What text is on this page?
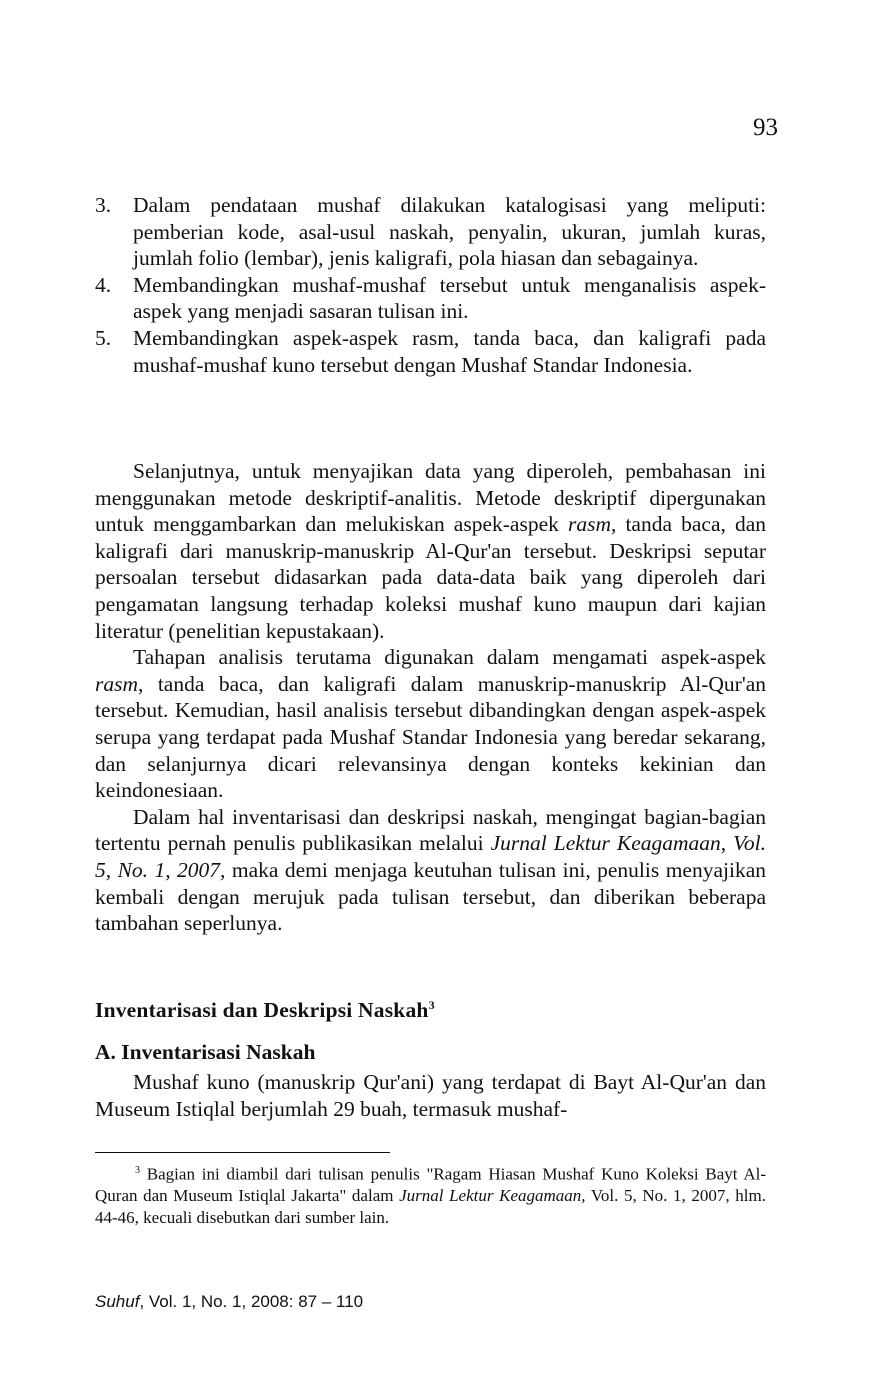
93
3.	Dalam pendataan mushaf dilakukan katalogisasi yang meliputi: pemberian kode, asal-usul naskah, penyalin, ukuran, jumlah kuras, jumlah folio (lembar), jenis kaligrafi, pola hiasan dan sebagainya.
4.	Membandingkan mushaf-mushaf tersebut untuk menganalisis aspek-aspek yang menjadi sasaran tulisan ini.
5.	Membandingkan aspek-aspek rasm, tanda baca, dan kaligrafi pada mushaf-mushaf kuno tersebut dengan Mushaf Standar Indonesia.

Selanjutnya, untuk menyajikan data yang diperoleh, pembahasan ini menggunakan metode deskriptif-analitis. Metode deskriptif dipergunakan untuk menggambarkan dan melukiskan aspek-aspek rasm, tanda baca, dan kaligrafi dari manuskrip-manuskrip Al-Qur'an tersebut. Deskripsi seputar persoalan tersebut didasarkan pada data-data baik yang diperoleh dari pengamatan langsung terhadap koleksi mushaf kuno maupun dari kajian literatur (penelitian kepustakaan).

Tahapan analisis terutama digunakan dalam mengamati aspek-aspek rasm, tanda baca, dan kaligrafi dalam manuskrip-manuskrip Al-Qur'an tersebut. Kemudian, hasil analisis tersebut dibandingkan dengan aspek-aspek serupa yang terdapat pada Mushaf Standar Indonesia yang beredar sekarang, dan selanjurnya dicari relevansinya dengan konteks kekinian dan keindonesiaan.

Dalam hal inventarisasi dan deskripsi naskah, mengingat bagian-bagian tertentu pernah penulis publikasikan melalui Jurnal Lektur Keagamaan, Vol. 5, No. 1, 2007, maka demi menjaga keutuhan tulisan ini, penulis menyajikan kembali dengan merujuk pada tulisan tersebut, dan diberikan beberapa tambahan seperlunya.

Inventarisasi dan Deskripsi Naskah$^3$
A. Inventarisasi Naskah

Mushaf kuno (manuskrip Qur'ani) yang terdapat di Bayt Al-Qur'an dan Museum Istiqlal berjumlah 29 buah, termasuk mushaf-

$^3$ Bagian ini diambil dari tulisan penulis "Ragam Hiasan Mushaf Kuno Koleksi Bayt Al-Quran dan Museum Istiqlal Jakarta" dalam Jurnal Lektur Keagamaan, Vol. 5, No. 1, 2007, hlm. 44-46, kecuali disebutkan dari sumber lain.
Suhuf, Vol. 1, No. 1, 2008: 87 – 110
